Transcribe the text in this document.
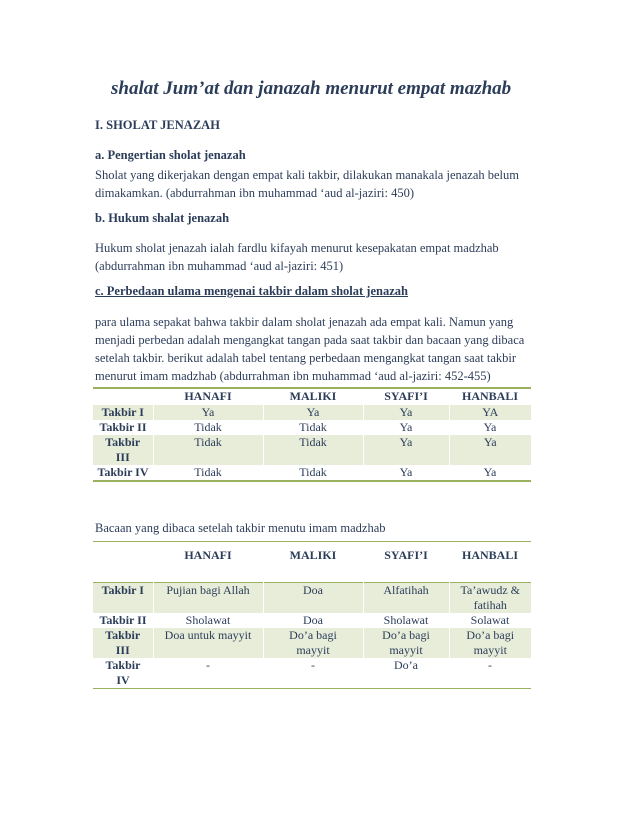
shalat Jum’at dan janazah menurut empat mazhab
I. SHOLAT JENAZAH
a. Pengertian sholat jenazah
Sholat yang dikerjakan dengan empat kali takbir, dilakukan manakala jenazah belum
dimakamkan. (abdurrahman ibn muhammad ‘aud al-jaziri: 450)
b. Hukum shalat jenazah
Hukum sholat jenazah ialah fardlu kifayah menurut kesepakatan empat madzhab
(abdurrahman ibn muhammad ‘aud al-jaziri: 451)
c. Perbedaan ulama mengenai takbir dalam sholat jenazah
para ulama sepakat bahwa takbir dalam sholat jenazah ada empat kali. Namun yang
menjadi perbedan adalah mengangkat tangan pada saat takbir dan bacaan yang dibaca
setelah takbir. berikut adalah tabel tentang perbedaan mengangkat tangan saat takbir
menurut imam madzhab (abdurrahman ibn muhammad ‘aud al-jaziri: 452-455)
	HANAFI	MALIKI	SYAFI’I	HANBALI
Takbir I	Ya	Ya	Ya	YA
Takbir II	Tidak	Tidak	Ya	Ya
Takbir III	Tidak	Tidak	Ya	Ya
Takbir IV	Tidak	Tidak	Ya	Ya
Bacaan yang dibaca setelah takbir menutu imam madzhab
	HANAFI	MALIKI	SYAFI’I	HANBALI
Takbir I	Pujian bagi Allah	Doa	Alfatihah	Ta’awudz & fatihah
Takbir II	Sholawat	Doa	Sholawat	Solawat
Takbir III	Doa untuk mayyit	Do’a bagi mayyit	Do’a bagi mayyit	Do’a bagi mayyit
Takbir IV	-	-	Do’a	-
